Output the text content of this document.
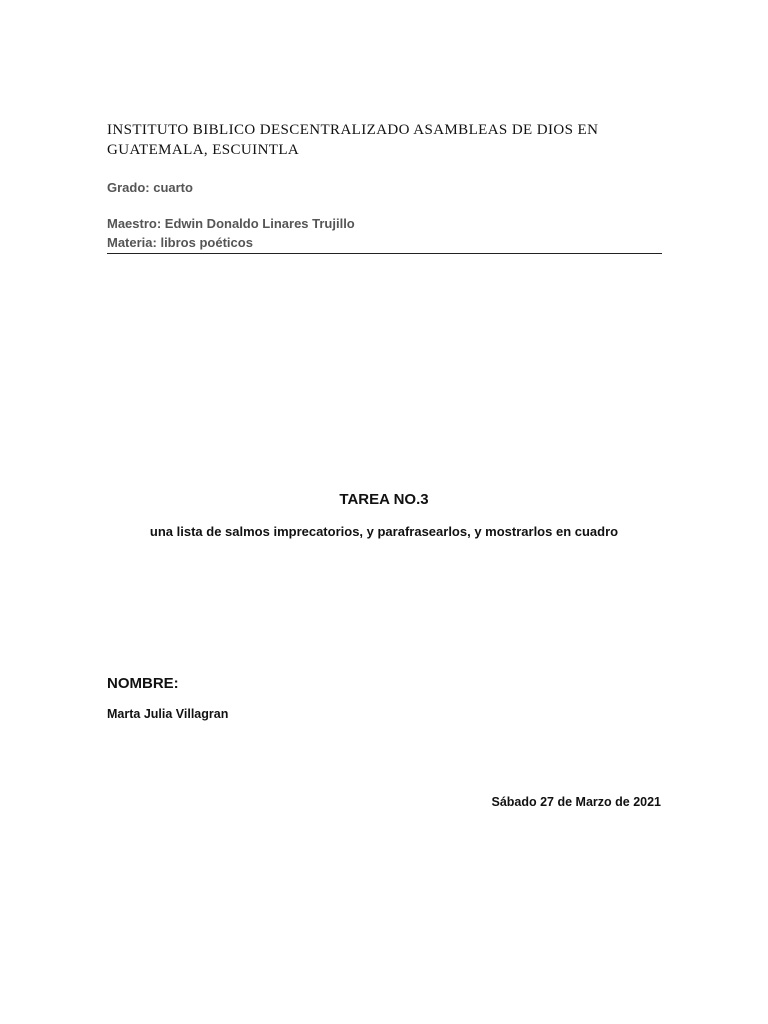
INSTITUTO BIBLICO DESCENTRALIZADO ASAMBLEAS DE DIOS EN GUATEMALA, ESCUINTLA
Grado: cuarto
Maestro: Edwin Donaldo Linares Trujillo
Materia: libros poéticos
TAREA NO.3
una lista de salmos imprecatorios, y parafrasearlos, y mostrarlos en cuadro
NOMBRE:
Marta Julia Villagran
Sábado 27 de Marzo de 2021
